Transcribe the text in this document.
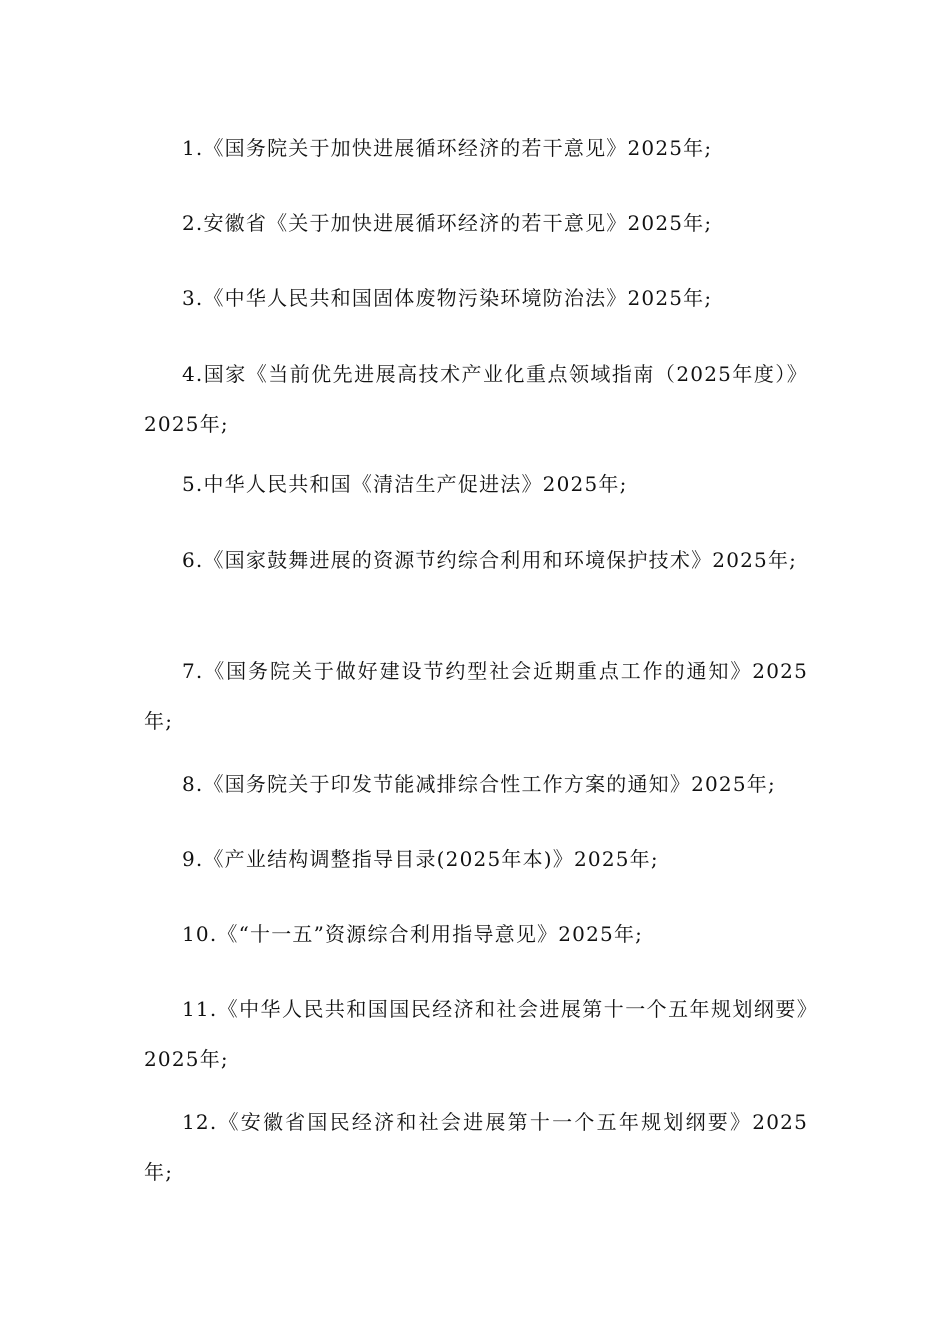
1.《国务院关于加快进展循环经济的若干意见》2025年;

2.安徽省《关于加快进展循环经济的若干意见》2025年;

3.《中华人民共和国固体废物污染环境防治法》2025年;

4.国家《当前优先进展高技术产业化重点领域指南（2025年度）》2025年;

5.中华人民共和国《清洁生产促进法》2025年;

6.《国家鼓舞进展的资源节约综合利用和环境保护技术》2025年;

7.《国务院关于做好建设节约型社会近期重点工作的通知》2025年;

8.《国务院关于印发节能减排综合性工作方案的通知》2025年;

9.《产业结构调整指导目录(2025年本)》2025年;

10.《“十一五”资源综合利用指导意见》2025年;

11.《中华人民共和国国民经济和社会进展第十一个五年规划纲要》2025年;

12.《安徽省国民经济和社会进展第十一个五年规划纲要》2025年;
